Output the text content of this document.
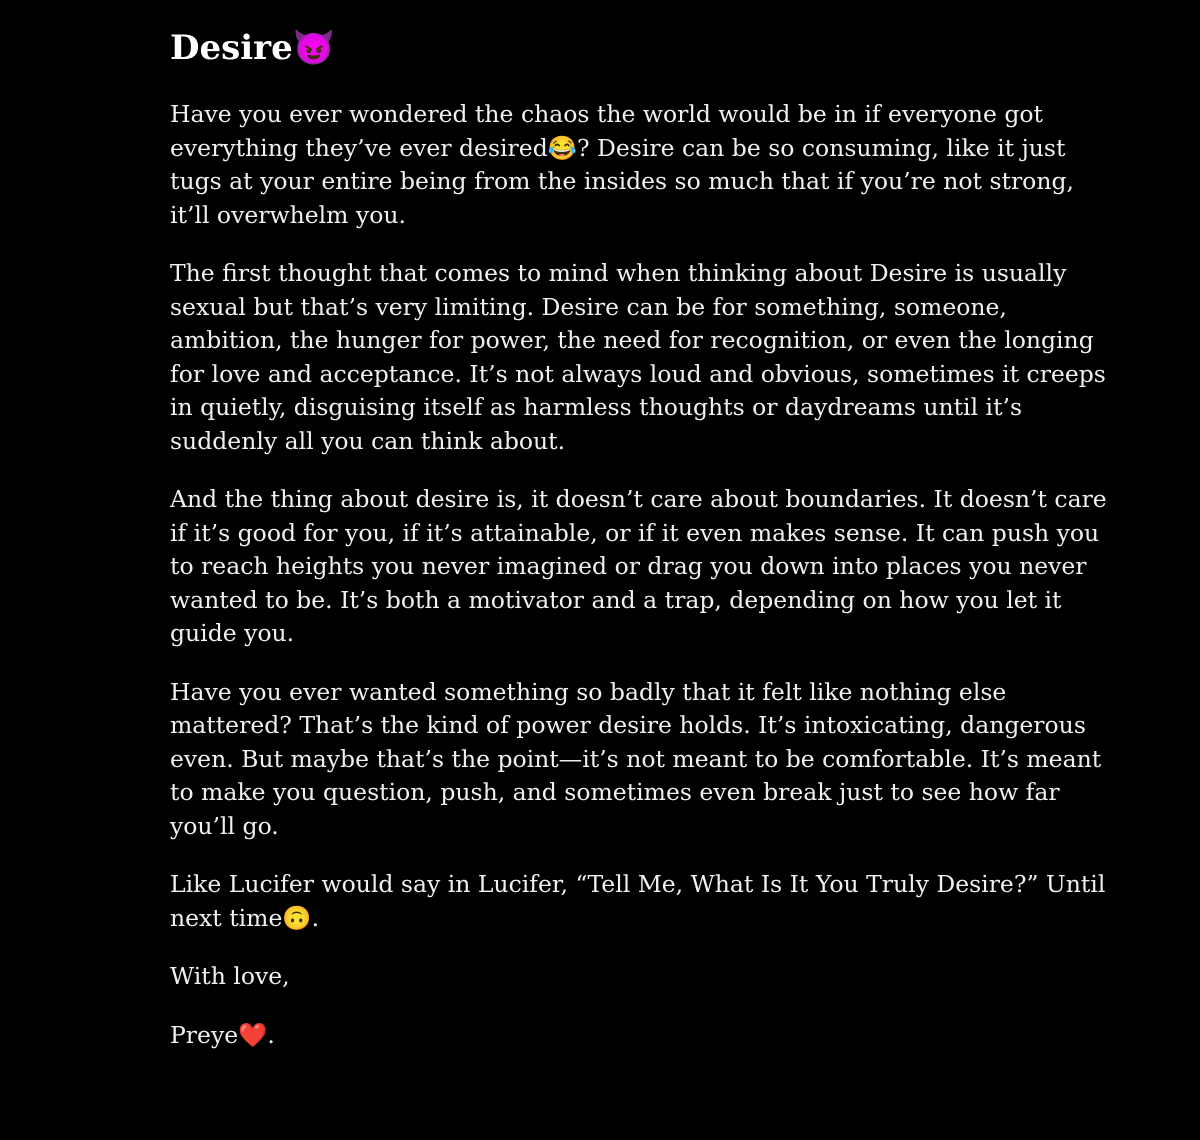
Desire😈

Have you ever wondered the chaos the world would be in if everyone got everything they’ve ever desired😂? Desire can be so consuming, like it just tugs at your entire being from the insides so much that if you’re not strong, it’ll overwhelm you.

The first thought that comes to mind when thinking about Desire is usually sexual but that’s very limiting. Desire can be for something, someone, ambition, the hunger for power, the need for recognition, or even the longing for love and acceptance. It’s not always loud and obvious, sometimes it creeps in quietly, disguising itself as harmless thoughts or daydreams until it’s suddenly all you can think about.

And the thing about desire is, it doesn’t care about boundaries. It doesn’t care if it’s good for you, if it’s attainable, or if it even makes sense. It can push you to reach heights you never imagined or drag you down into places you never wanted to be. It’s both a motivator and a trap, depending on how you let it guide you.

Have you ever wanted something so badly that it felt like nothing else mattered? That’s the kind of power desire holds. It’s intoxicating, dangerous even. But maybe that’s the point—it’s not meant to be comfortable. It’s meant to make you question, push, and sometimes even break just to see how far you’ll go.

Like Lucifer would say in Lucifer, “Tell Me, What Is It You Truly Desire?” Until next time🙃.

With love,

Preye❤️.
